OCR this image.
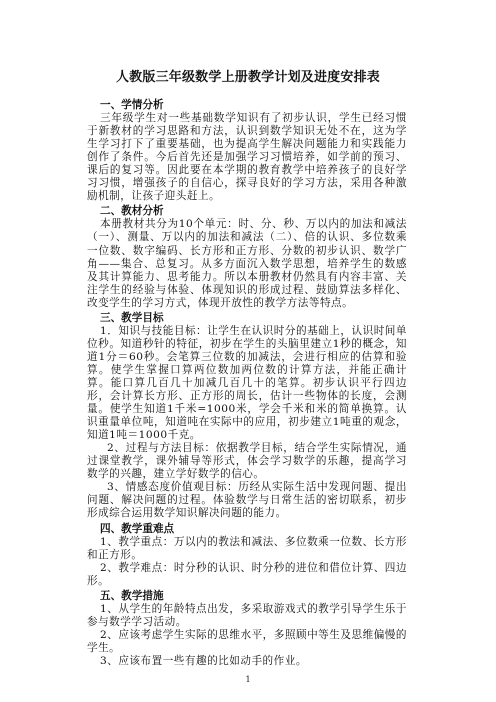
人教版三年级数学上册教学计划及进度安排表
一、学情分析
三年级学生对一些基础数学知识有了初步认识，学生已经习惯于新教材的学习思路和方法，认识到数学知识无处不在，这为学生学习打下了重要基础，也为提高学生解决问题能力和实践能力创作了条件。今后首先还是加强学习习惯培养，如学前的预习、课后的复习等。因此要在本学期的教育教学中培养孩子的良好学习习惯，增强孩子的自信心，探寻良好的学习方法，采用各种激励机制，让孩子迎头赶上。
二、教材分析
本册教材共分为10个单元：时、分、秒、万以内的加法和减法（一）、测量、万以内的加法和减法（二）、倍的认识、多位数乘一位数、数字编码、长方形和正方形、分数的初步认识、数学广角——集合、总复习。从多方面沉入数学思想，培养学生的数感及其计算能力、思考能力。所以本册教材仍然具有内容丰富、关注学生的经验与体验、体现知识的形成过程、鼓励算法多样化、改变学生的学习方式，体现开放性的教学方法等特点。
三、教学目标
1．知识与技能目标：让学生在认识时分的基础上，认识时间单位秒。知道秒针的特征，初步在学生的头脑里建立1秒的概念，知道1分＝60秒。会笔算三位数的加减法，会进行相应的估算和验算。使学生掌握口算两位数加两位数的计算方法，并能正确计算。能口算几百几十加减几百几十的笔算。初步认识平行四边形，会计算长方形、正方形的周长，估计一些物体的长度，会测量。使学生知道1千米=1000米，学会千米和米的简单换算。认识重量单位吨，知道吨在实际中的应用，初步建立1吨重的观念，知道1吨＝1000千克。
2、过程与方法目标：依据教学目标，结合学生实际情况，通过课堂教学，课外辅导等形式，体会学习数学的乐趣，提高学习数学的兴趣，建立学好数学的信心。
3、情感态度价值观目标：历经从实际生活中发现问题、提出问题、解决问题的过程。体验数学与日常生活的密切联系，初步形成综合运用数学知识解决问题的能力。
四、教学重难点
1、教学重点：万以内的教法和减法、多位数乘一位数、长方形和正方形。
2、教学难点：时分秒的认识、时分秒的进位和借位计算、四边形。
五、教学措施
1、从学生的年龄特点出发，多采取游戏式的教学引导学生乐于参与数学学习活动。
2、应该考虑学生实际的思维水平，多照顾中等生及思维偏慢的学生。
3、应该布置一些有趣的比如动手的作业。
1
